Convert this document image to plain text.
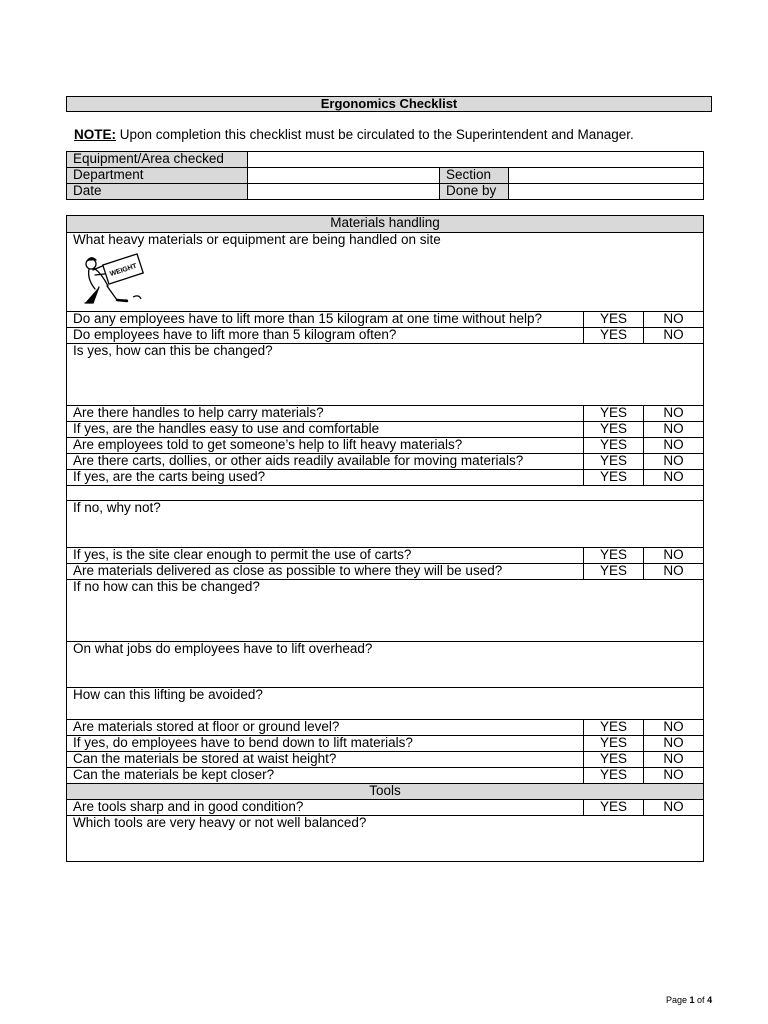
Ergonomics Checklist
NOTE: Upon completion this checklist must be circulated to the Superintendent and Manager.
Equipment/Area checked			
Department		Section	
Date		Done by	
Materials handling		
What heavy materials or equipment are being handled on site
WEIGHT		

Do any employees have to lift more than 15 kilogram at one time without help?	YES	NO
Do employees have to lift more than 5 kilogram often?	YES	NO
Is yes, how can this be changed?		
Are there handles to help carry materials?	YES	NO
If yes, are the handles easy to use and comfortable	YES	NO
Are employees told to get someone’s help to lift heavy materials?	YES	NO
Are there carts, dollies, or other aids readily available for moving materials?	YES	NO
If yes, are the carts being used?	YES	NO

If no, why not?		
If yes, is the site clear enough to permit the use of carts?	YES	NO
Are materials delivered as close as possible to where they will be used?	YES	NO
If no how can this be changed?		
On what jobs do employees have to lift overhead?		
How can this lifting be avoided?		
Are materials stored at floor or ground level?	YES	NO
If yes, do employees have to bend down to lift materials?	YES	NO
Can the materials be stored at waist height?	YES	NO
Can the materials be kept closer?	YES	NO
Tools		
Are tools sharp and in good condition?	YES	NO
Which tools are very heavy or not well balanced?		
Page 1 of 4
